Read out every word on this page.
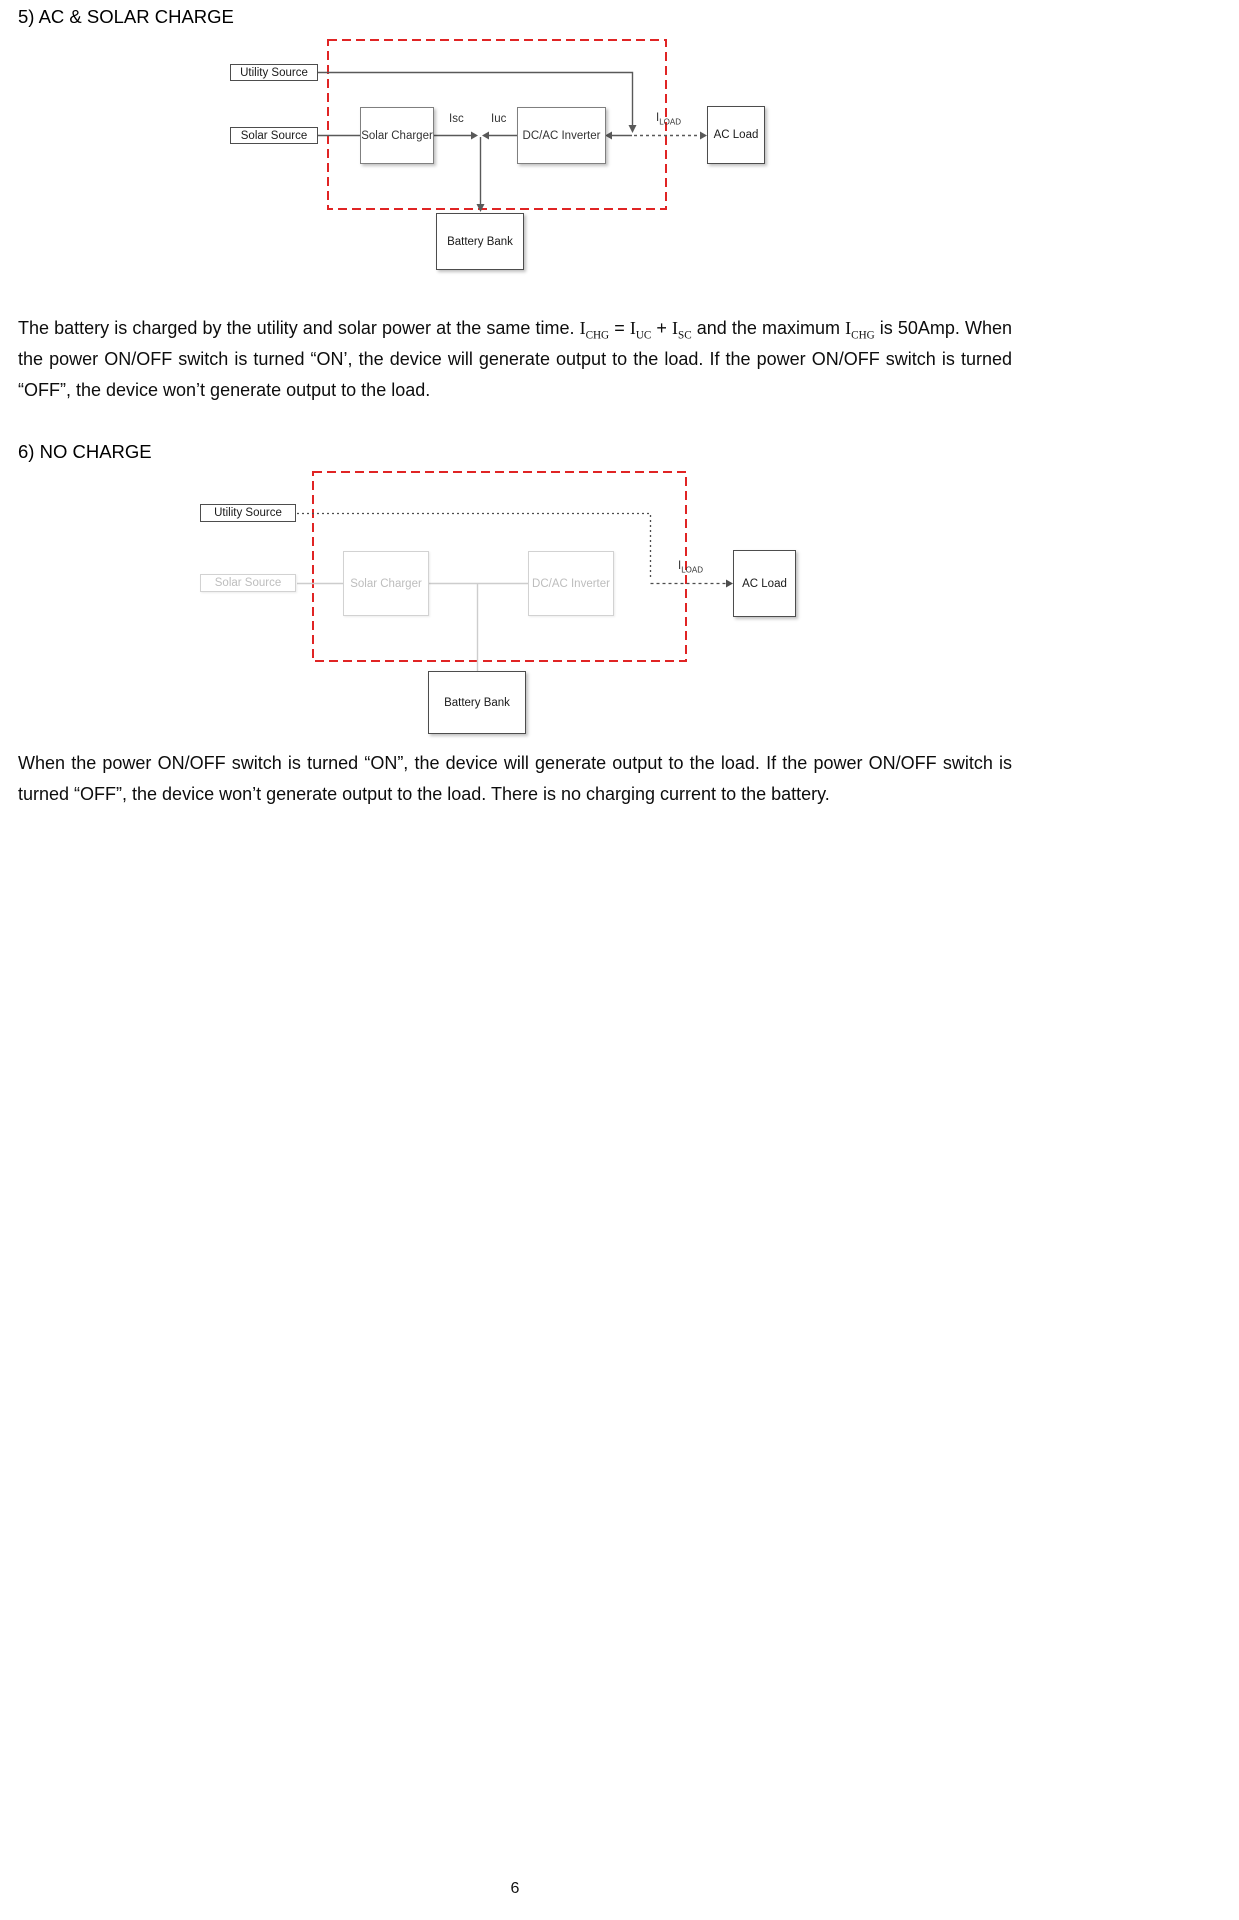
5) AC & SOLAR CHARGE
Utility Source
Solar Source	Solar Charger	DC/AC Inverter	AC Load
Battery Bank
Isc Iuc	$I_{LOAD}$
The battery is charged by the utility and solar power at the same time. $I_{CHG} = I_{UC} + I_{SC}$ and the maximum $I_{CHG}$ is 50Amp. When the power ON/OFF switch is turned “ON’, the device will generate output to the load. If the power ON/OFF switch is turned “OFF”, the device won’t generate output to the load.
6) NO CHARGE
Utility Source
Solar Source	Solar Charger	DC/AC Inverter	AC Load
Battery Bank
$I_{LOAD}$
When the power ON/OFF switch is turned “ON”, the device will generate output to the load. If the power ON/OFF switch is turned “OFF”, the device won’t generate output to the load. There is no charging current to the battery.
6
